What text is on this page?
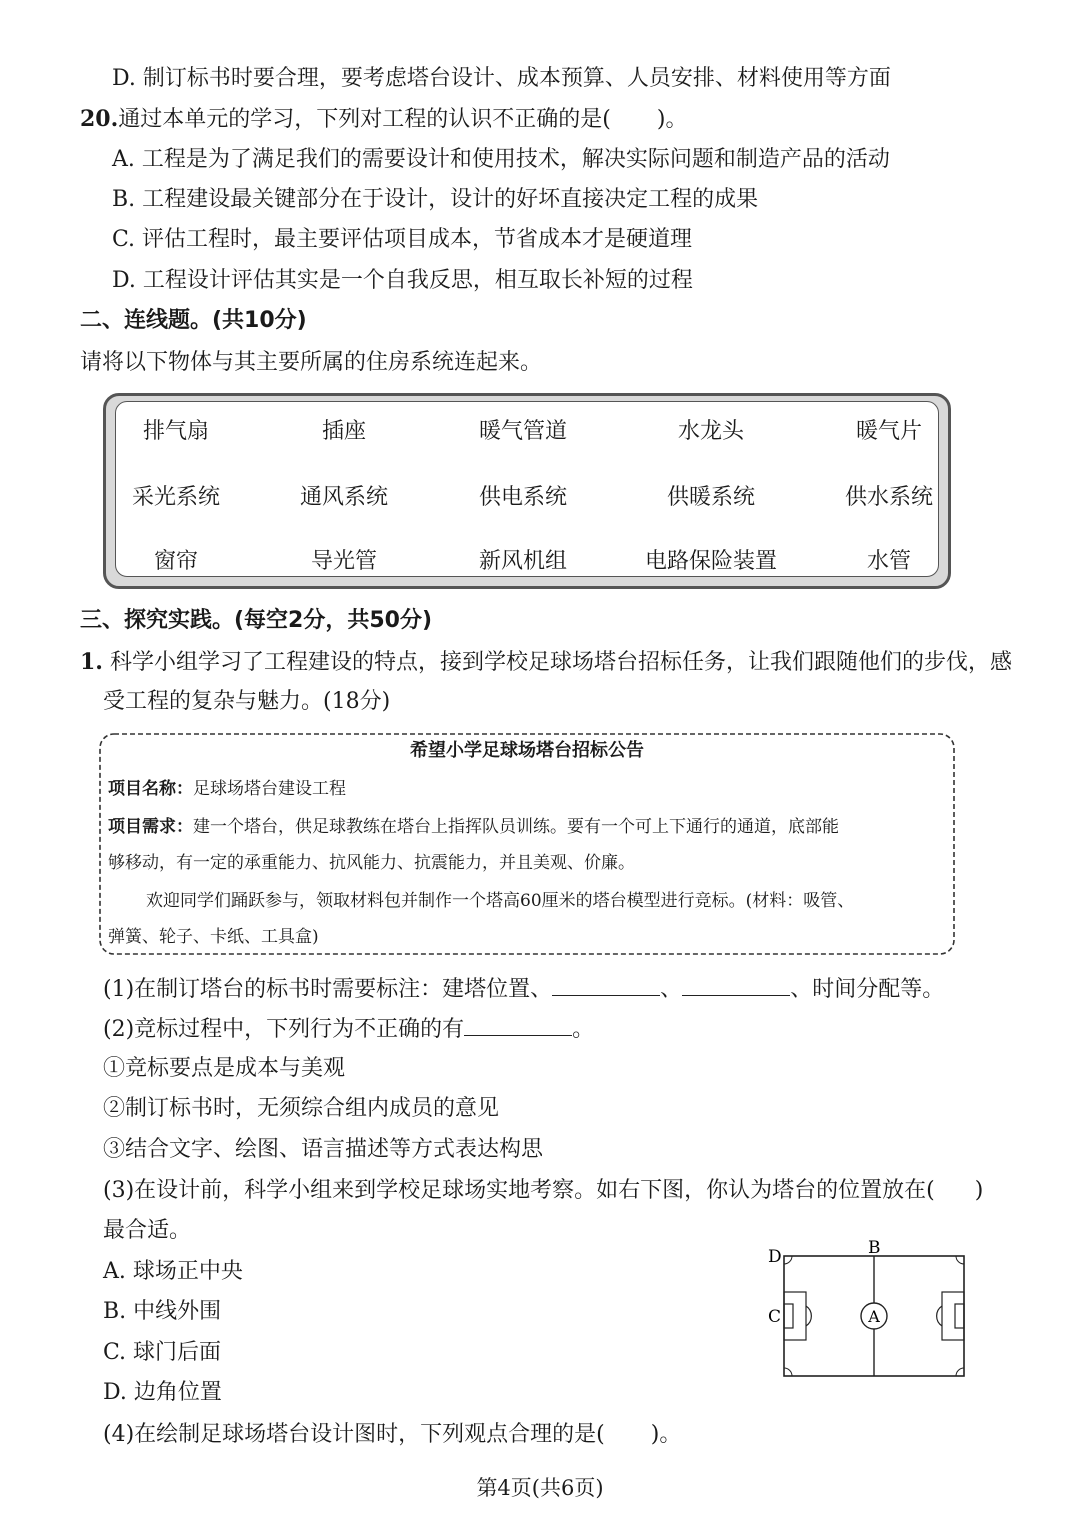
D. 制订标书时要合理，要考虑塔台设计、成本预算、人员安排、材料使用等方面
20.通过本单元的学习，下列对工程的认识不正确的是( )。
A. 工程是为了满足我们的需要设计和使用技术，解决实际问题和制造产品的活动
B. 工程建设最关键部分在于设计，设计的好坏直接决定工程的成果
C. 评估工程时，最主要评估项目成本，节省成本才是硬道理
D. 工程设计评估其实是一个自我反思，相互取长补短的过程
二、连线题。(共10分)
请将以下物体与其主要所属的住房系统连起来。
排气扇	插座	暖气管道	水龙头	暖气片
采光系统	通风系统	供电系统	供暖系统	供水系统
窗帘	导光管	新风机组	电路保险装置	水管
三、探究实践。(每空2分，共50分)
1. 科学小组学习了工程建设的特点，接到学校足球场塔台招标任务，让我们跟随他们的步伐，感
受工程的复杂与魅力。(18分)
希望小学足球场塔台招标公告
项目名称：足球场塔台建设工程
项目需求：建一个塔台，供足球教练在塔台上指挥队员训练。要有一个可上下通行的通道，底部能
够移动，有一定的承重能力、抗风能力、抗震能力，并且美观、价廉。
欢迎同学们踊跃参与，领取材料包并制作一个塔高60厘米的塔台模型进行竞标。(材料：吸管、
弹簧、轮子、卡纸、工具盒)
(1)在制订塔台的标书时需要标注：建塔位置、	、	、时间分配等。
(2)竞标过程中，下列行为不正确的有	。
①竞标要点是成本与美观
②制订标书时，无须综合组内成员的意见
③结合文字、绘图、语言描述等方式表达构思
(3)在设计前，科学小组来到学校足球场实地考察。如右下图，你认为塔台的位置放在( )
最合适。
A. 球场正中央
B. 中线外围
C. 球门后面
D. 边角位置
A
B
C
D
(4)在绘制足球场塔台设计图时，下列观点合理的是( )。
第4页(共6页)
